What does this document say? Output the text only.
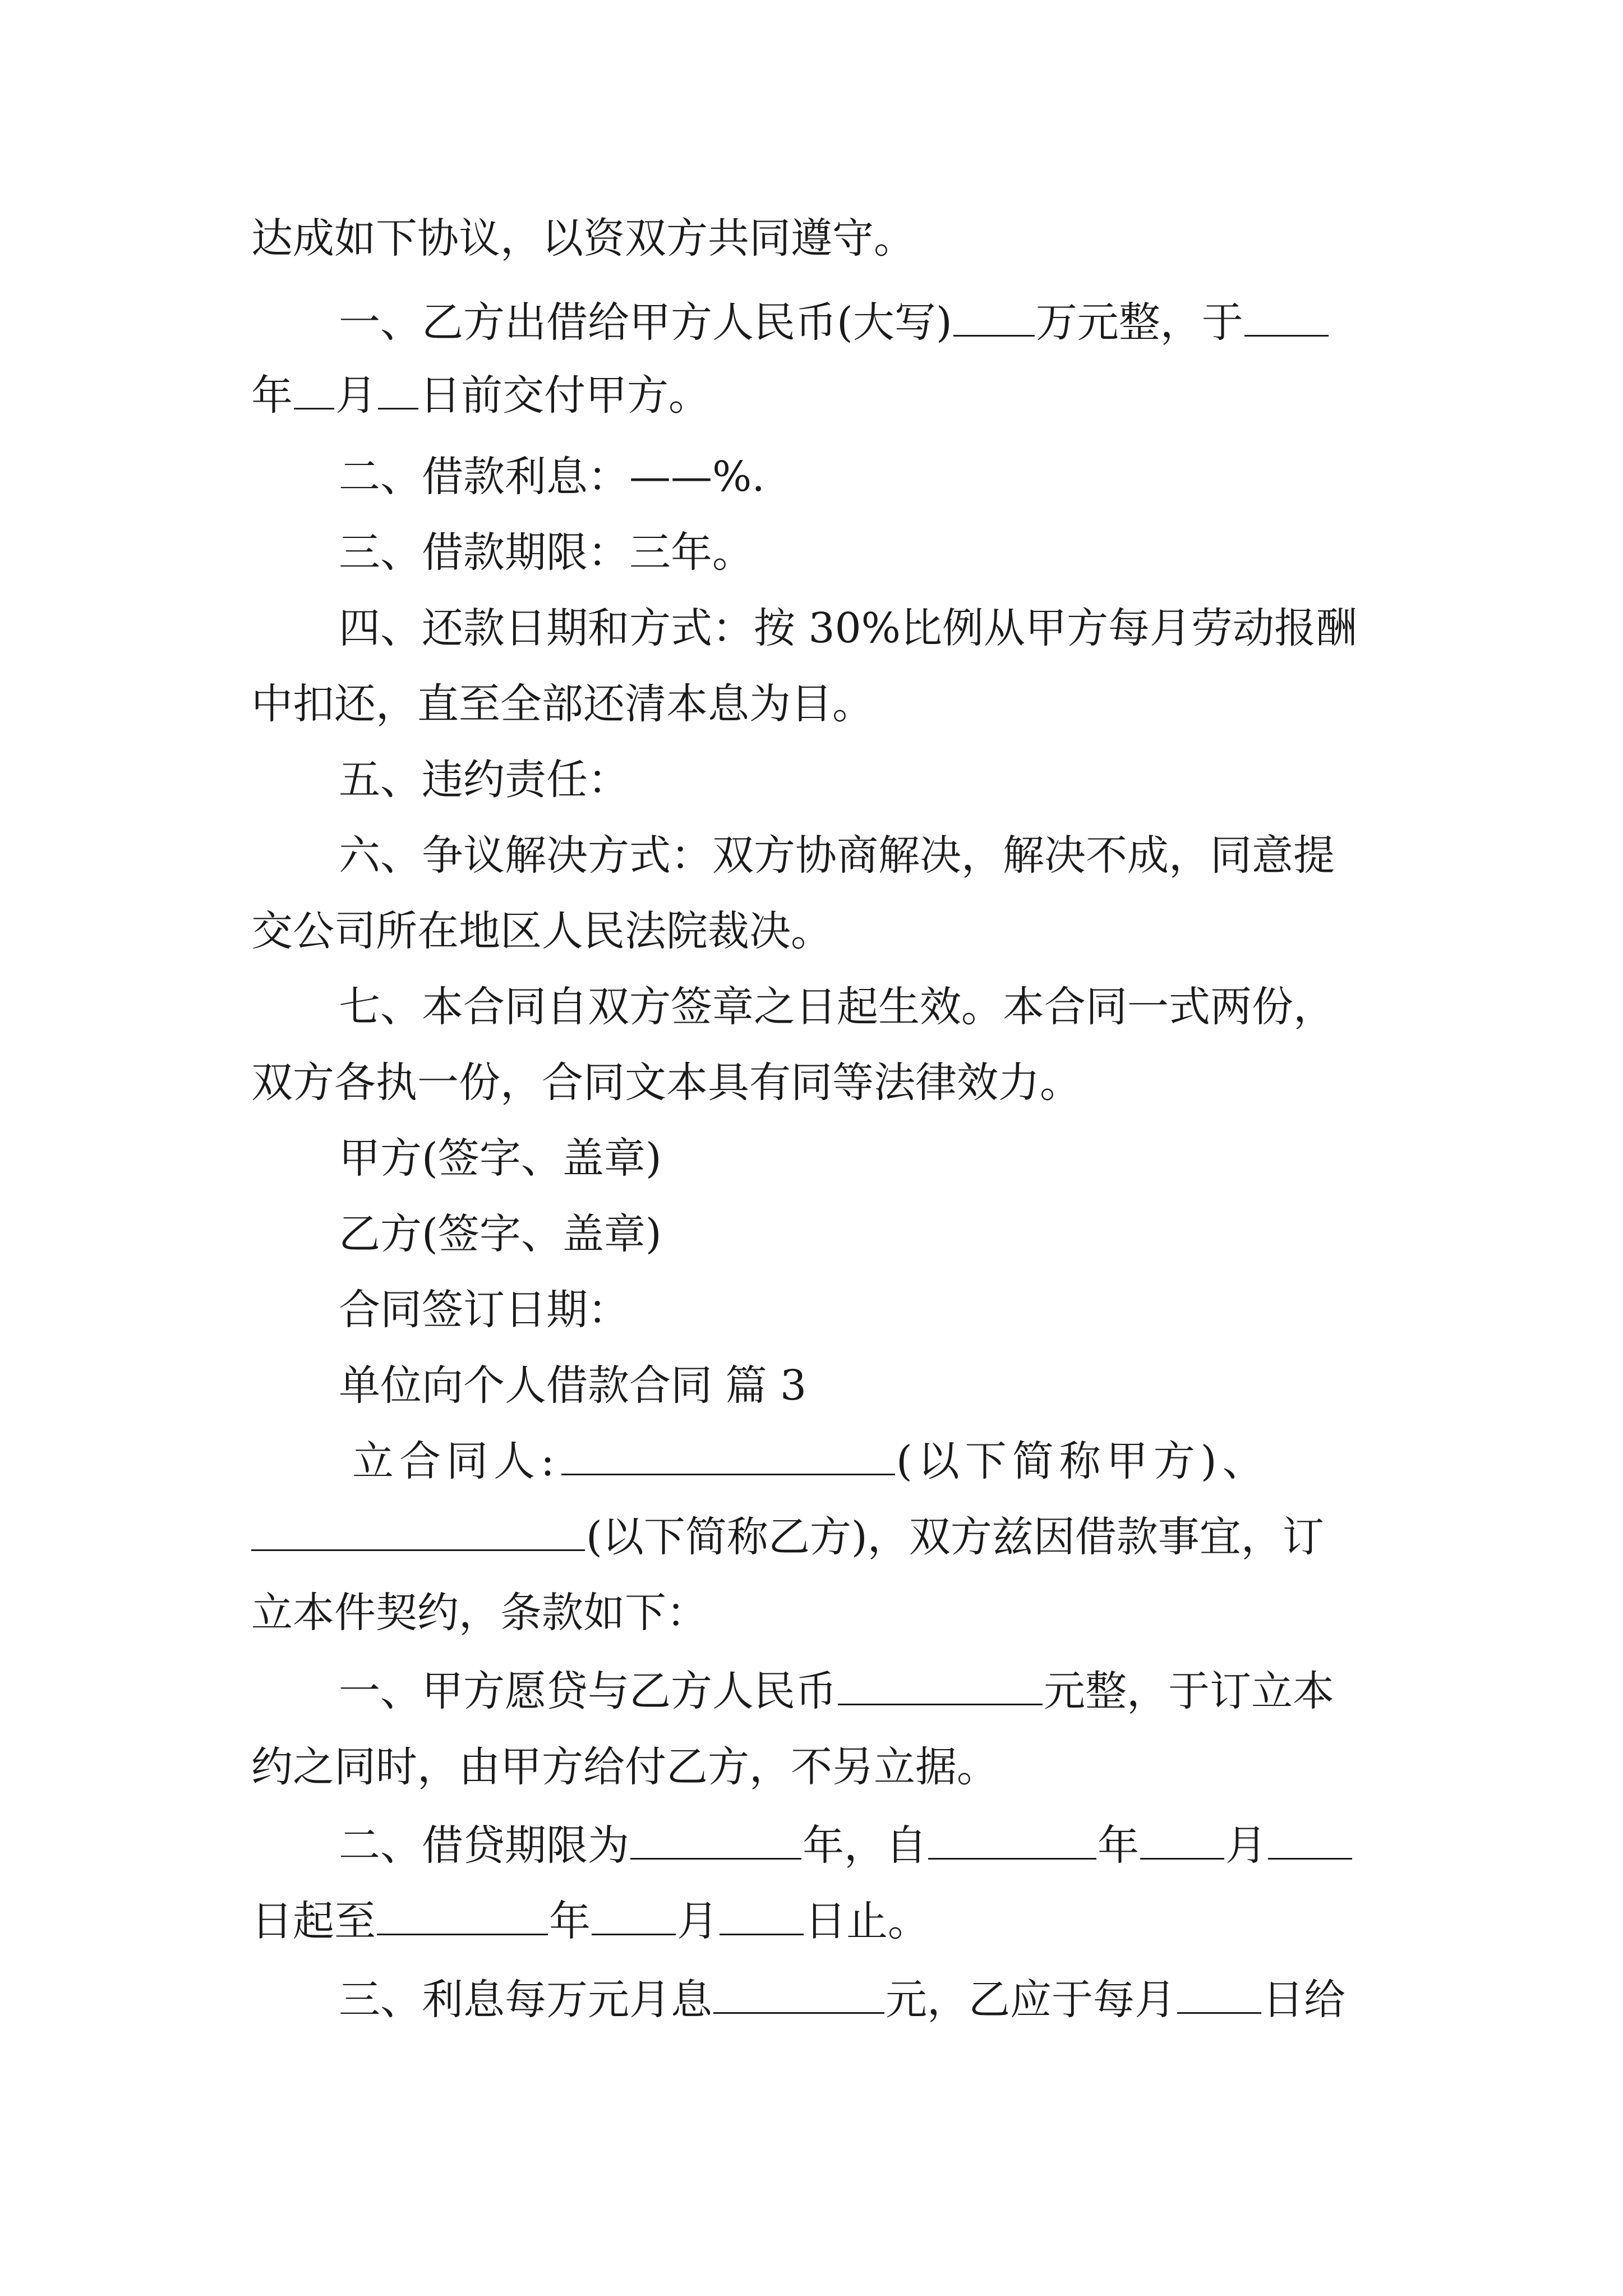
达成如下协议，以资双方共同遵守。
一、乙方出借给甲方人民币(大写) 万元整，于
年 月 日前交付甲方。
二、借款利息：——%.
三、借款期限：三年。
四、还款日期和方式：按 30%比例从甲方每月劳动报酬
中扣还，直至全部还清本息为目。
五、违约责任：
六、争议解决方式：双方协商解决，解决不成，同意提
交公司所在地区人民法院裁决。
七、本合同自双方签章之日起生效。本合同一式两份，
双方各执一份，合同文本具有同等法律效力。
甲方(签字、盖章)
乙方(签字、盖章)
合同签订日期：
单位向个人借款合同 篇 3
立合同人:	(以下简称甲方)、
(以下简称乙方)，双方兹因借款事宜，订
立本件契约，条款如下：
一、甲方愿贷与乙方人民币	元整，于订立本
约之同时，由甲方给付乙方，不另立据。
二、借贷期限为	年，自	年 月
日起至	年 月 日止。
三、利息每万元月息	元，乙应于每月 日给
